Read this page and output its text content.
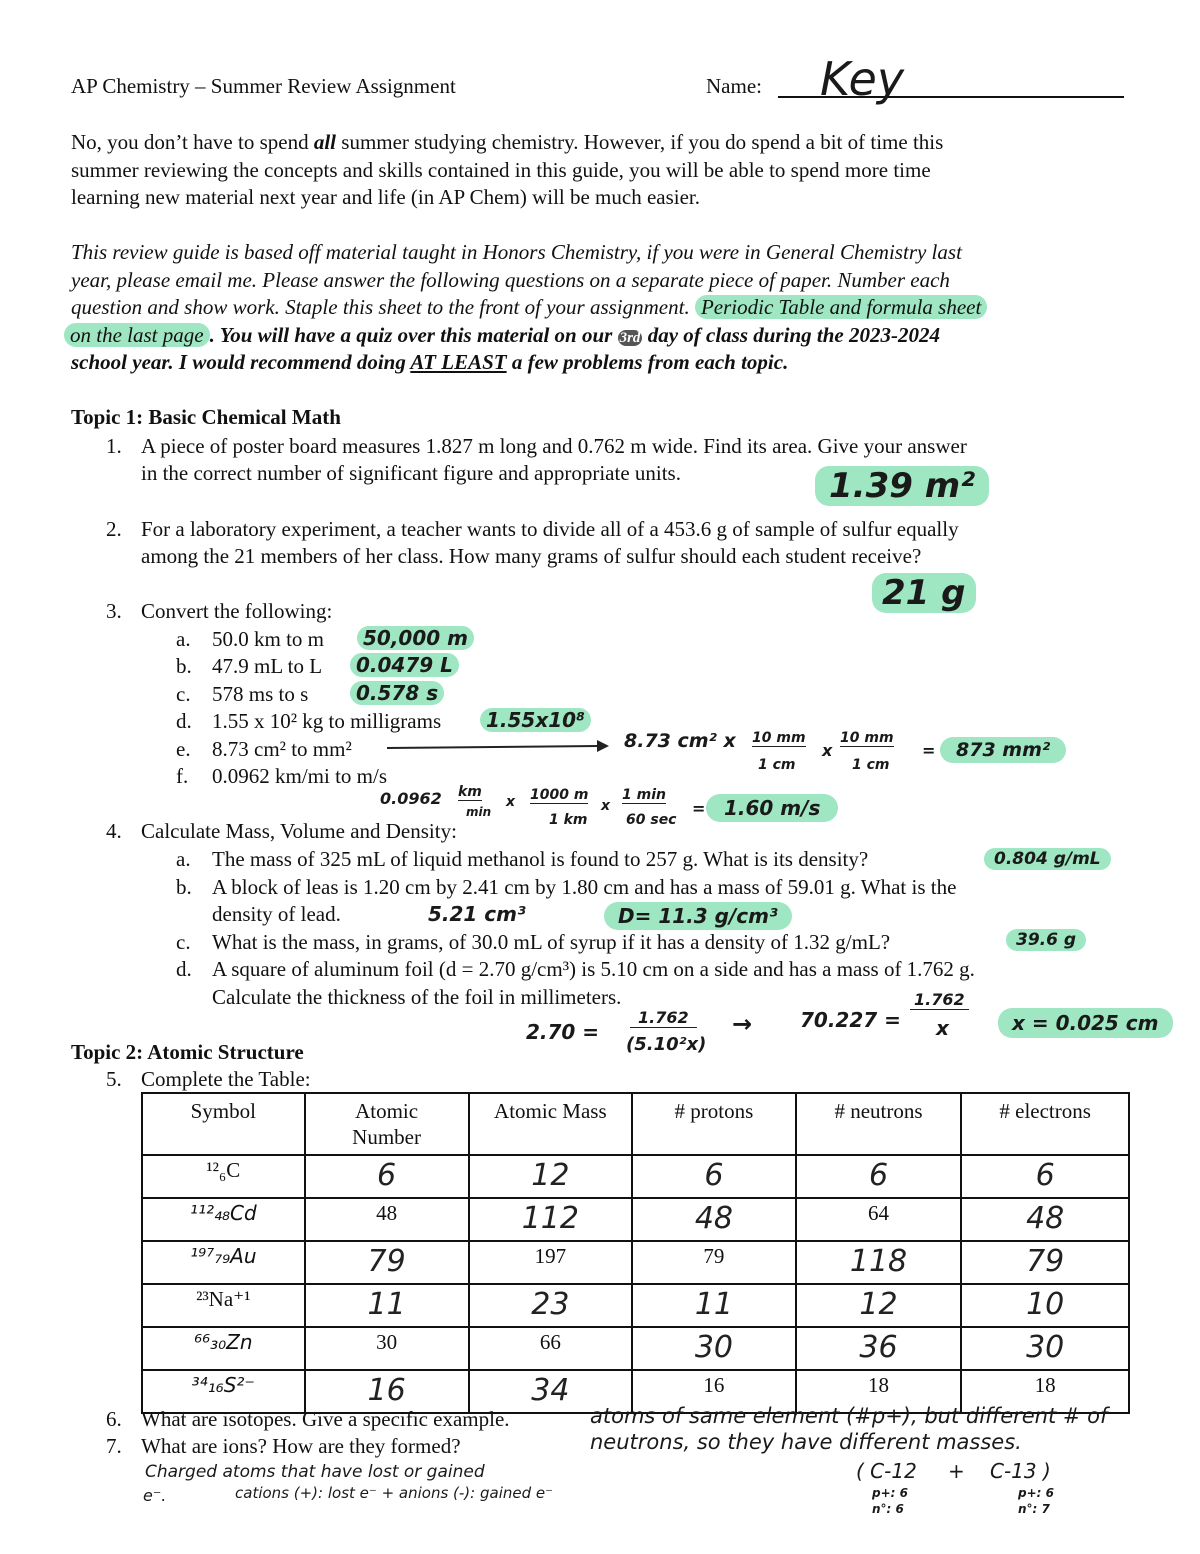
AP Chemistry – Summer Review Assignment	Name: Key
No, you don’t have to spend all summer studying chemistry. However, if you do spend a bit of time this
summer reviewing the concepts and skills contained in this guide, you will be able to spend more time
learning new material next year and life (in AP Chem) will be much easier.
This review guide is based off material taught in Honors Chemistry, if you were in General Chemistry last
year, please email me. Please answer the following questions on a separate piece of paper. Number each
question and show work. Staple this sheet to the front of your assignment. Periodic Table and formula sheet
on the last page . You will have a quiz over this material on our 3rd day of class during the 2023-2024
school year. I would recommend doing AT LEAST a few problems from each topic.
Topic 1: Basic Chemical Math
1. A piece of poster board measures 1.827 m long and 0.762 m wide. Find its area. Give your answer
in the correct number of significant figure and appropriate units.	1.39 m²
2. For a laboratory experiment, a teacher wants to divide all of a 453.6 g of sample of sulfur equally
among the 21 members of her class. How many grams of sulfur should each student receive?
21 g
3. Convert the following:
a. 50.0 km to m	50,000 m
b. 47.9 mL to L	0.0479 L
c. 578 ms to s	0.578 s
d. 1.55 x 10² kg to milligrams	1.55x10⁸
e. 8.73 cm² to mm²	8.73 cm² x 10 mm
1 cm
x
10 mm
1 cm
=	873 mm²
f. 0.0962 km/mi to m/s
0.0962 km
min
x 1000 m
1 km
x
1 min
60 sec
= 1.60 m/s
4. Calculate Mass, Volume and Density:
a. The mass of 325 mL of liquid methanol is found to 257 g. What is its density?	0.804 g/mL
b. A block of leas is 1.20 cm by 2.41 cm by 1.80 cm and has a mass of 59.01 g. What is the
density of lead.	5.21 cm³	D= 11.3 g/cm³
c. What is the mass, in grams, of 30.0 mL of syrup if it has a density of 1.32 g/mL?	39.6 g
d. A square of aluminum foil (d = 2.70 g/cm³) is 5.10 cm on a side and has a mass of 1.762 g.
Calculate the thickness of the foil in millimeters.
2.70 =
1.762
(5.10²x)
→ 70.227 =
1.762
x	x = 0.025 cm
Topic 2: Atomic Structure
5. Complete the Table:
Symbol	Atomic Number	Atomic Mass	# protons	# neutrons	# electrons
¹²₆C	6	12	6	6	6
¹¹²₄₈Cd	48	112	48	64	48
¹⁹⁷₇₉Au	79	197	79	118	79
²³Na⁺¹	11	23	11	12	10
⁶⁶₃₀Zn	30	66	30	36	30
³⁴₁₆S²⁻	16	34	16	18	18
6. What are isotopes. Give a specific example.	atoms of same element (#p+), but different # of
neutrons, so they have different masses.
( C-12 + C-13 )
p+: 6
n°: 6
p+: 6
n°: 7
7. What are ions? How are they formed?
Charged atoms that have lost or gained
e⁻.	cations (+): lost e⁻ + anions (-): gained e⁻
